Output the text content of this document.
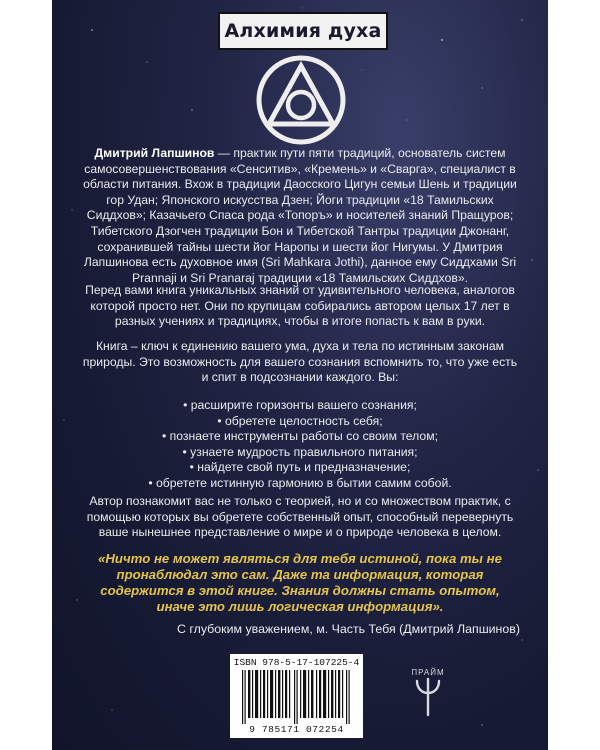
Алхимия духа
Дмитрий Лапшинов — практик пути пяти традиций, основатель систем самосовершенствования «Сенситив», «Кремень» и «Сварга», специалист в области питания. Вхож в традиции Даосского Цигун семьи Шень и традиции гор Удан; Японского искусства Дзен; Йоги традиции «18 Тамильских Сиддхов»; Казачьего Спаса рода «Топоръ» и носителей знаний Пращуров; Тибетского Дзогчен традиции Бон и Тибетской Тантры традиции Джонанг, сохранившей тайны шести йог Наропы и шести йог Нигумы. У Дмитрия Лапшинова есть духовное имя (Sri Mahkara Jothi), данное ему Сиддхами Sri Prannaji и Sri Pranaraj традиции «18 Тамильских Сиддхов».
Перед вами книга уникальных знаний от удивительного человека, аналогов которой просто нет. Они по крупицам собирались автором целых 17 лет в разных учениях и традициях, чтобы в итоге попасть к вам в руки.
Книга – ключ к единению вашего ума, духа и тела по истинным законам природы. Это возможность для вашего сознания вспомнить то, что уже есть и спит в подсознании каждого. Вы:
• расширите горизонты вашего сознания;
• обретете целостность себя;
• познаете инструменты работы со своим телом;
• узнаете мудрость правильного питания;
• найдете свой путь и предназначение;
• обретете истинную гармонию в бытии самим собой.
Автор познакомит вас не только с теорией, но и со множеством практик, с помощью которых вы обретете собственный опыт, способный перевернуть ваше нынешнее представление о мире и о природе человека в целом.
«Ничто не может являться для тебя истиной, пока ты не пронаблюдал это сам. Даже та информация, которая содержится в этой книге. Знания должны стать опытом, иначе это лишь логическая информация».
С глубоким уважением, м. Часть Тебя (Дмитрий Лапшинов)
ISBN 978-5-17-107225-4
9 785171 072254
ПРАЙМ
